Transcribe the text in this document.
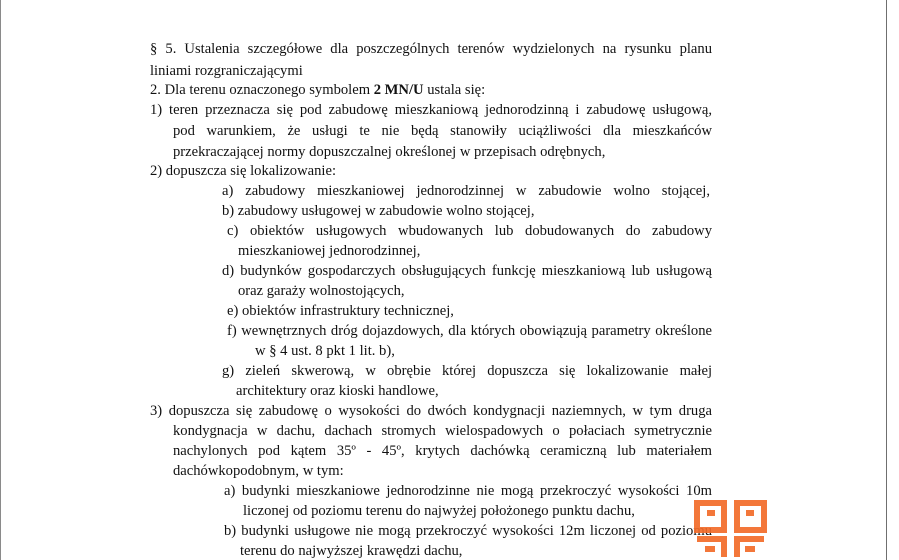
§ 5. Ustalenia szczegółowe dla poszczególnych terenów wydzielonych na rysunku planu
liniami rozgraniczającymi
2. Dla terenu oznaczonego symbolem 2 MN/U ustala się:
1) teren przeznacza się pod zabudowę mieszkaniową jednorodzinną i zabudowę usługową,
pod warunkiem, że usługi te nie będą stanowiły uciążliwości dla mieszkańców
przekraczającej normy dopuszczalnej określonej w przepisach odrębnych,
2) dopuszcza się lokalizowanie:
a) zabudowy mieszkaniowej jednorodzinnej w zabudowie wolno stojącej,
b) zabudowy usługowej w zabudowie wolno stojącej,
c) obiektów usługowych wbudowanych lub dobudowanych do zabudowy
mieszkaniowej jednorodzinnej,
d) budynków gospodarczych obsługujących funkcję mieszkaniową lub usługową
oraz garaży wolnostojących,
e) obiektów infrastruktury technicznej,
f) wewnętrznych dróg dojazdowych, dla których obowiązują parametry określone
w § 4 ust. 8 pkt 1 lit. b),
g) zieleń skwerową, w obrębie której dopuszcza się lokalizowanie małej
architektury oraz kioski handlowe,
3) dopuszcza się zabudowę o wysokości do dwóch kondygnacji naziemnych, w tym druga
kondygnacja w dachu, dachach stromych wielospadowych o połaciach symetrycznie
nachylonych pod kątem 35º - 45º, krytych dachówką ceramiczną lub materiałem
dachówkopodobnym, w tym:
a) budynki mieszkaniowe jednorodzinne nie mogą przekroczyć wysokości 10m
liczonej od poziomu terenu do najwyżej położonego punktu dachu,
b) budynki usługowe nie mogą przekroczyć wysokości 12m liczonej od poziomu
terenu do najwyższej krawędzi dachu,
